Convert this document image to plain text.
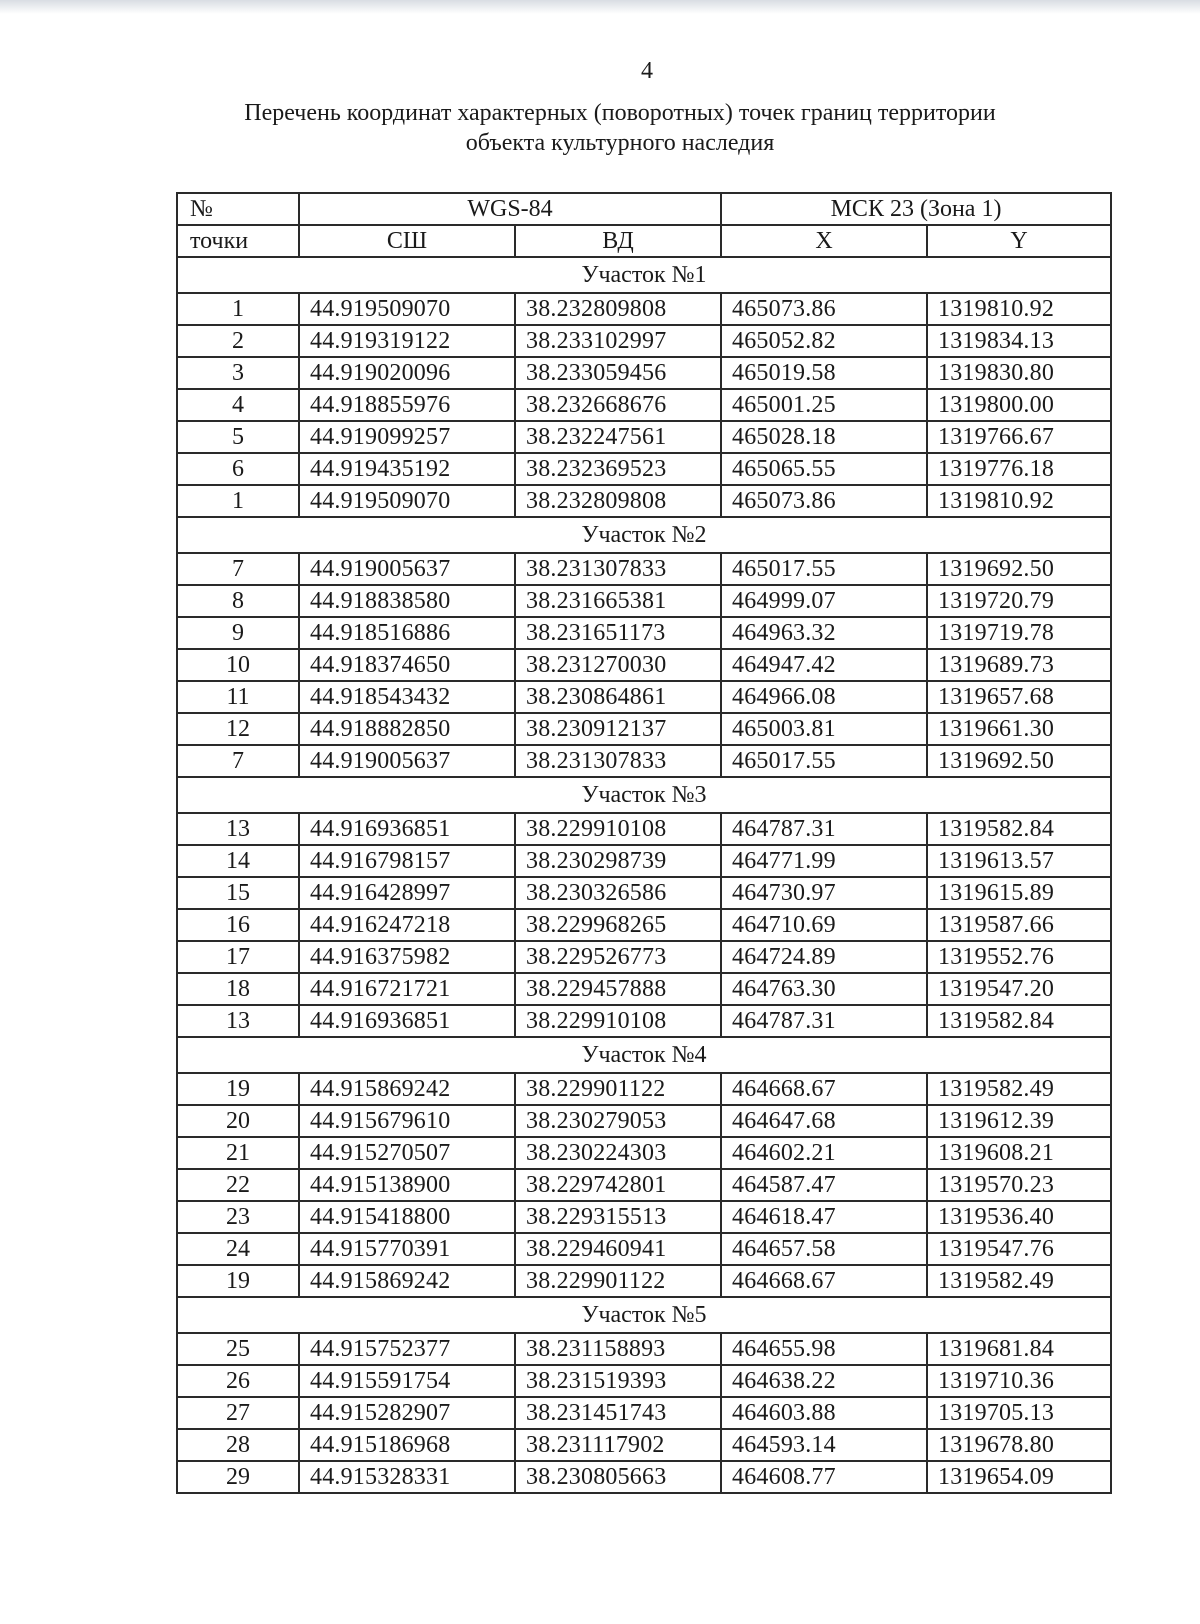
4
Перечень координат характерных (поворотных) точек границ территории
объекта культурного наследия
№	WGS-84		МСК 23 (Зона 1)	
точки	СШ	ВД	X	Y
Участок №1				
1	44.919509070	38.232809808	465073.86	1319810.92
2	44.919319122	38.233102997	465052.82	1319834.13
3	44.919020096	38.233059456	465019.58	1319830.80
4	44.918855976	38.232668676	465001.25	1319800.00
5	44.919099257	38.232247561	465028.18	1319766.67
6	44.919435192	38.232369523	465065.55	1319776.18
1	44.919509070	38.232809808	465073.86	1319810.92
Участок №2				
7	44.919005637	38.231307833	465017.55	1319692.50
8	44.918838580	38.231665381	464999.07	1319720.79
9	44.918516886	38.231651173	464963.32	1319719.78
10	44.918374650	38.231270030	464947.42	1319689.73
11	44.918543432	38.230864861	464966.08	1319657.68
12	44.918882850	38.230912137	465003.81	1319661.30
7	44.919005637	38.231307833	465017.55	1319692.50
Участок №3				
13	44.916936851	38.229910108	464787.31	1319582.84
14	44.916798157	38.230298739	464771.99	1319613.57
15	44.916428997	38.230326586	464730.97	1319615.89
16	44.916247218	38.229968265	464710.69	1319587.66
17	44.916375982	38.229526773	464724.89	1319552.76
18	44.916721721	38.229457888	464763.30	1319547.20
13	44.916936851	38.229910108	464787.31	1319582.84
Участок №4				
19	44.915869242	38.229901122	464668.67	1319582.49
20	44.915679610	38.230279053	464647.68	1319612.39
21	44.915270507	38.230224303	464602.21	1319608.21
22	44.915138900	38.229742801	464587.47	1319570.23
23	44.915418800	38.229315513	464618.47	1319536.40
24	44.915770391	38.229460941	464657.58	1319547.76
19	44.915869242	38.229901122	464668.67	1319582.49
Участок №5				
25	44.915752377	38.231158893	464655.98	1319681.84
26	44.915591754	38.231519393	464638.22	1319710.36
27	44.915282907	38.231451743	464603.88	1319705.13
28	44.915186968	38.231117902	464593.14	1319678.80
29	44.915328331	38.230805663	464608.77	1319654.09
